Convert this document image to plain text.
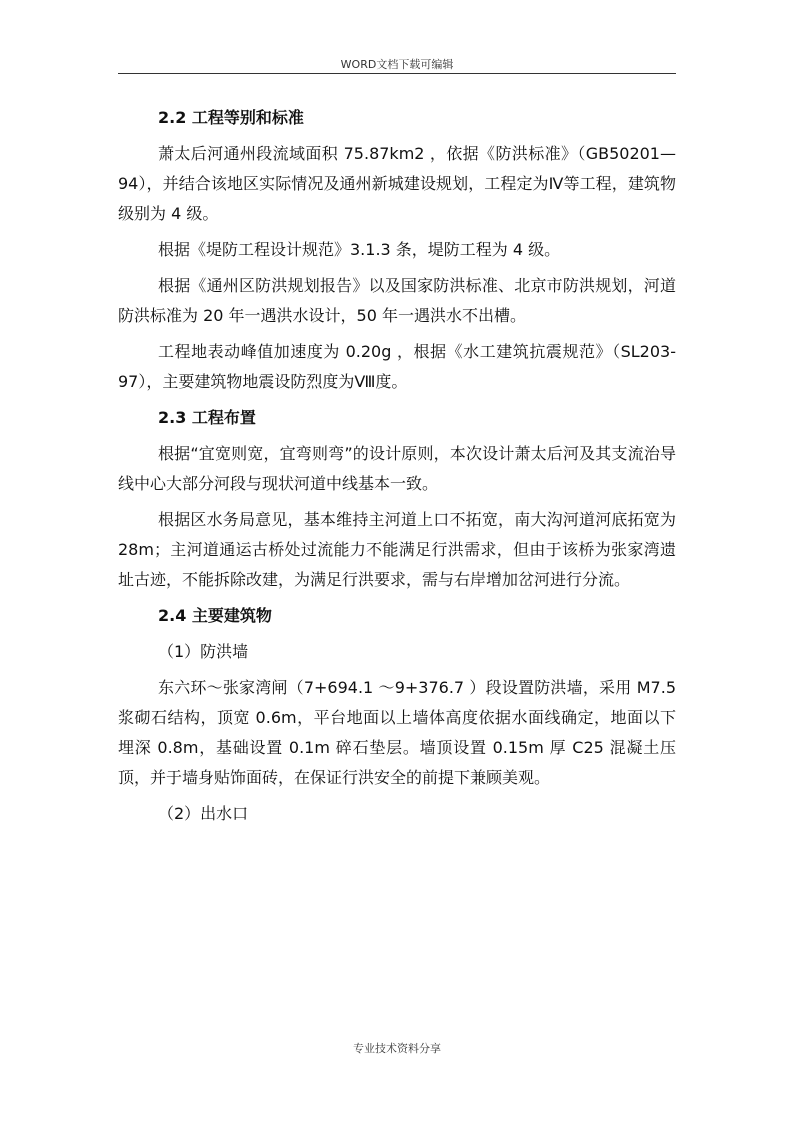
WORD文档下载可编辑

2.2 工程等别和标准

萧太后河通州段流域面积 75.87km2 ，依据《防洪标准》（GB50201—94），并结合该地区实际情况及通州新城建设规划，工程定为Ⅳ等工程，建筑物级别为 4 级。

根据《堤防工程设计规范》3.1.3 条，堤防工程为 4 级。

根据《通州区防洪规划报告》以及国家防洪标准、北京市防洪规划，河道防洪标准为 20 年一遇洪水设计，50 年一遇洪水不出槽。

工程地表动峰值加速度为 0.20g ，根据《水工建筑抗震规范》（SL203-97），主要建筑物地震设防烈度为Ⅷ度。

2.3 工程布置

根据“宜宽则宽，宜弯则弯”的设计原则，本次设计萧太后河及其支流治导线中心大部分河段与现状河道中线基本一致。

根据区水务局意见，基本维持主河道上口不拓宽，南大沟河道河底拓宽为 28m；主河道通运古桥处过流能力不能满足行洪需求，但由于该桥为张家湾遗址古迹，不能拆除改建，为满足行洪要求，需与右岸增加岔河进行分流。

2.4 主要建筑物

（1）防洪墙

东六环～张家湾闸（7+694.1 ～9+376.7 ）段设置防洪墙，采用 M7.5 浆砌石结构，顶宽 0.6m，平台地面以上墙体高度依据水面线确定，地面以下埋深 0.8m，基础设置 0.1m 碎石垫层。墙顶设置 0.15m 厚 C25 混凝土压顶，并于墙身贴饰面砖，在保证行洪安全的前提下兼顾美观。

（2）出水口

专业技术资料分享
